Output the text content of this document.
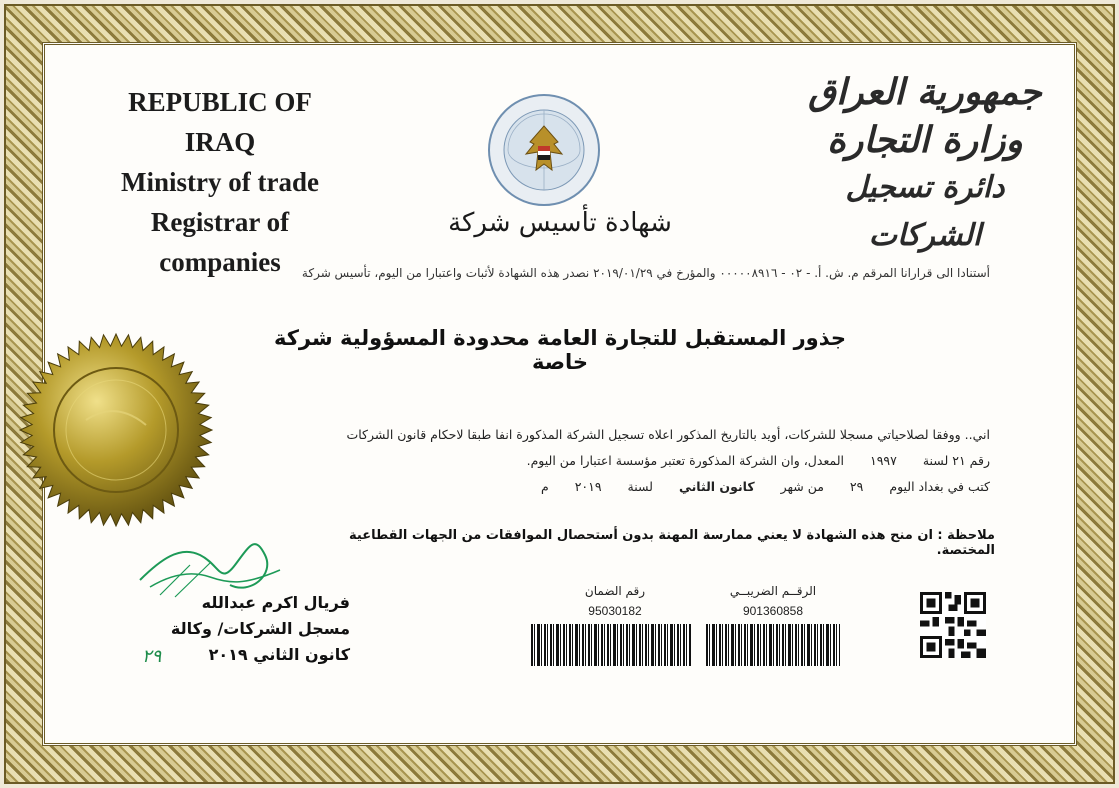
REPUBLIC OF IRAQ
Ministry of trade
Registrar of companies
جمهورية العراق
وزارة التجارة
دائرة تسجيل الشركات
شهادة تأسيس شركة
أستنادا الى قرارانا المرقم م. ش. أ. - ٠٢ - ٠٠٠٠٠٨٩١٦ والمؤرخ في ٢٠١٩/٠١/٢٩ نصدر هذه الشهادة لأثبات واعتبارا من اليوم، تأسيس شركة
جذور المستقبل للتجارة العامة محدودة المسؤولية شركة خاصة
اني.. ووفقا لصلاحياتي مسجلا للشركات، أويد بالتاريخ المذكور اعلاه تسجيل الشركة المذكورة انفا طبقا لاحكام قانون الشركات
رقم ٢١ لسنة ١٩٩٧ المعدل، وان الشركة المذكورة تعتبر مؤسسة اعتبارا من اليوم.
كتب في بغداد اليوم ٢٩ من شهر كانون الثاني لسنة ٢٠١٩ م
ملاحظة : ان منح هذه الشهادة لا يعني ممارسة المهنة بدون أستحصال الموافقات من الجهات القطاعية المختصة.
فريال اكرم عبدالله
مسجل الشركات/ وكالة
كانون الثاني ٢٠١٩
٢٩
رقم الضمان
95030182
الرقــم الضريبــي
901360858
